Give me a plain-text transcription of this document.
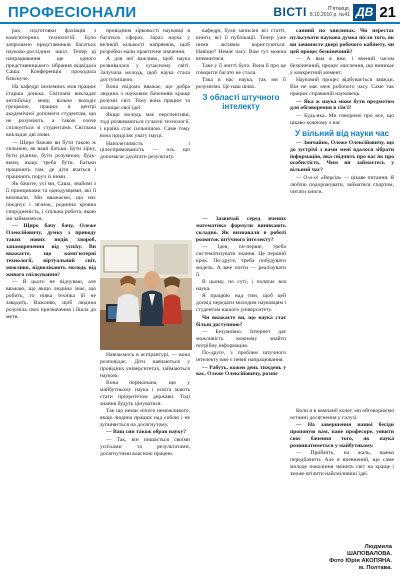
ПРОФЕСІОНАЛИ	ВІСТІ	П'ятниця,
8.10.2010 р. №41 ДВ 21

рах, підготовки фахівців з комп'ютерних технологій. Було запрошено представників багатьох науково-дослідних шкіл. Тепер ці напрацювання ще одного представницького зібрання відвідала Саша. Конференція проходила блискуче.

На кафедрі іноземних мов працює старша донька. Світлана викладає англійську мову, вільно володіє грецькою, працює в центрі академічної допомоги студентам, що не розуміють, а також охоче спілкується зі студентами. Світлана викладає дві мови.

— Щиро бажаю ви бути такою ж сильною, як ваші батьки. Бути зірку, бути рідним, бути розумною, будь-яким, якщо треба бути. Батьки працюють там, де діти вчаться і працюють поруч із ними.

Як бачите, усі ми, Саша, знайомі з її принципами та однодумцями, які її виховали. Ми вважаємо, що нас поєднує і зв'язок, родинна кровна спорідненість, і спільна робота, якою ми займаємося.

— Щиро бачу бачу, Олеже Олексійовичу, думку з приводу таких нових видів хвороб, запаморочення від успіху. Ви вважаєте, що комп'ютерні технології, віртуальний світ, можливо, відволікають молодь від живого спілкування?

— Я цього не відчуваю, але вважаю, що якщо людина знає, що робить, то ніяка техніка їй не завадить. Важливо, щоб людина розуміла своє призначення і йшла до мети.

провідним зірковості науковці в багатьох сферах. Зараз наука у великій кількості напрямків, щоб розробки мали практичне значення.

А для неї важливо, щоб наука розвивалася у сучасному світі. Залучала молодь, щоб наука стала доступнішою.

Вона свідомо вважає, що добра людина з науковим баченням краще розуміє світ. Тому вона працює та захищає свої ідеї.

Якщо молодь має перспективи, тоді розвиваються сучасні технології, і країна стає сильнішою. Саме тому вона приділяє увагу науці.

Наполегливість і цілеспрямованість — ось що допомагає досягати результату.

Навчаємось в аспірантурі, — вона розповідає. Діти навчаються у провідних університетах, займаються наукою.

Вона переконана, що у майбутньому наука і освіта мають стати пріоритетом держави. Тоді знання будуть цінуватися.

Так що немає нічого неможливого, якщо людина працює над собою і не зупиняється на досягнутому.

— Ваш син також обрав науку?

— Так, він пишається своїми успіхами та результатами, досягнутими власною працею.

кафедрі, були записані всі статті, книги, всі її публікації. Тепер уже ними активно користуються. Навіщо? Немає часу. Вам тут можна впевнитися.

Таке у її житті було. Вона б про це говорити багато не стала.

Така в нас наука, так ми її розуміємо. Це наш шлях.

З області штучного інтелекту

— Зазвичай серед вчених математика формули виникають складно. Як визнавали в роботі розвиток штучного інтелекту?

— Ідея, по-перше, треба систематизувати знання. Це перший крок. По-друге, треба побудувати модель. А вже потім — реалізувати її.

В цьому, по суті, і полягає вся наука.

Я працюю над тим, щоб цей досвід передати молодим науковцям і студентам нашого університету.

Чи вважаєте ви, що наука стає більш доступною?

— Безумовно. Інтернет дає можливість кожному знайти потрібну інформацію.

По-друге, з проблем штучного інтелекту вже є певні напрацювання.

— Рабуть, кожен день тиждень у вас, Олеже Олексійовичу, розпи-

санний по хвилинах. Чи перестає пульсувати наукова думка після того, як ви зачиняєте двері робочого кабінету, чи цей процес безкінечний?

— А вам я вже, і вчений часом безкінечний, процес мислення, що виникає у конкретний момент.

Науковий процес відбувається завжди. Він не має меж робочого часу. Саме так працює справжній науковець.

— Яка ж наука може бути предметом для обговорення в сім'ї?

— Будь-яка. Ми говоримо про все, що цікаво кожному з нас.

У вільний від науки час

— Звичайно, Олеже Олексійовичу, що до зустрічі з вами мені вдалося зібрати інформацію, яка свідчить про вас як про особистість. Чим ви займаєтесь у вільний час?

— О-о-о! «Версія» — цікаве питання. Я люблю подорожувати, займатися спортом, читати книги.

Коли я в компанії колег, ми обговорюємо останні досягнення у галузі.

— На завершення нашої бесіди пропоную вам, пане професоре, уявити своє бачення того, як наука розвиватиметься у майбутньому.

— Прийміть, на жаль, важко передбачити. Але я впевнений, що саме молоде покоління змінить світ на краще і зможе втілити найсміливіші ідеї.

Людмила
ШАПОВАЛОВА.
Фото Юрія АКОПЯНА.
м. Полтава.
